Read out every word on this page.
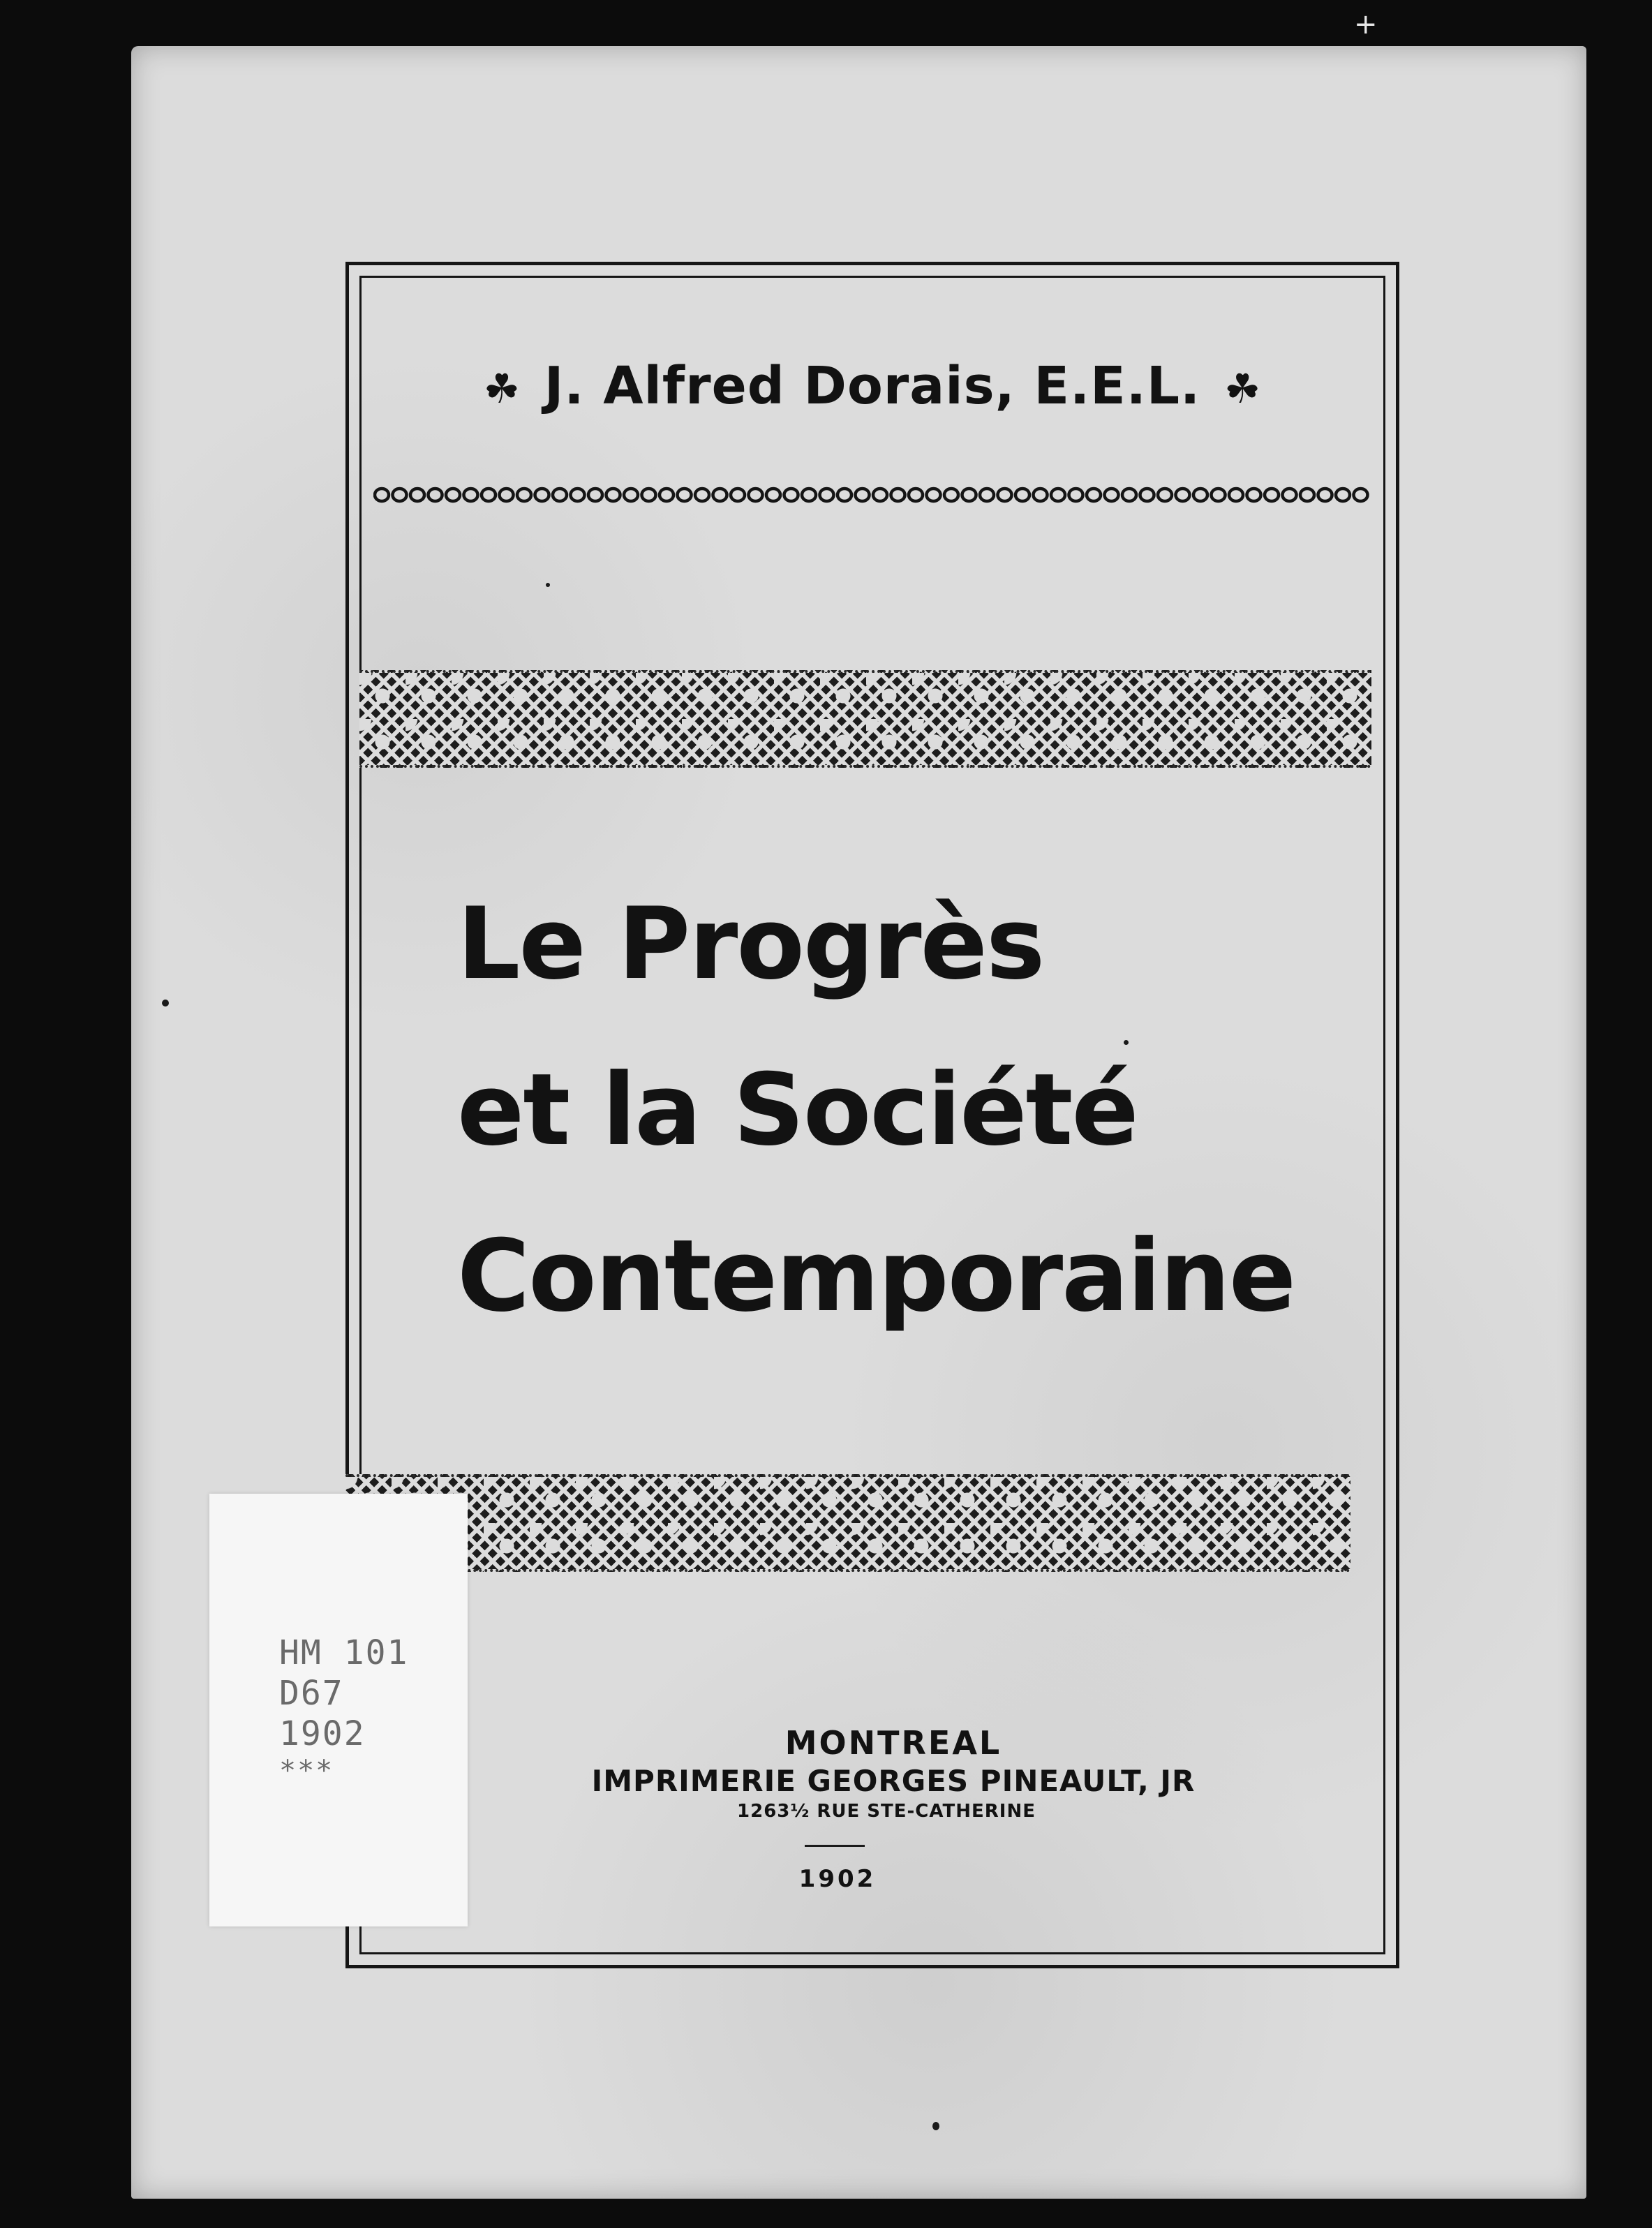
+
☘ J. Alfred Dorais, E.E.L. ☘
Le Progrès
et la Société
Contemporaine
HM 101
D67
1902
***
MONTREAL
IMPRIMERIE GEORGES PINEAULT, JR
1263½ RUE STE-CATHERINE
1902
